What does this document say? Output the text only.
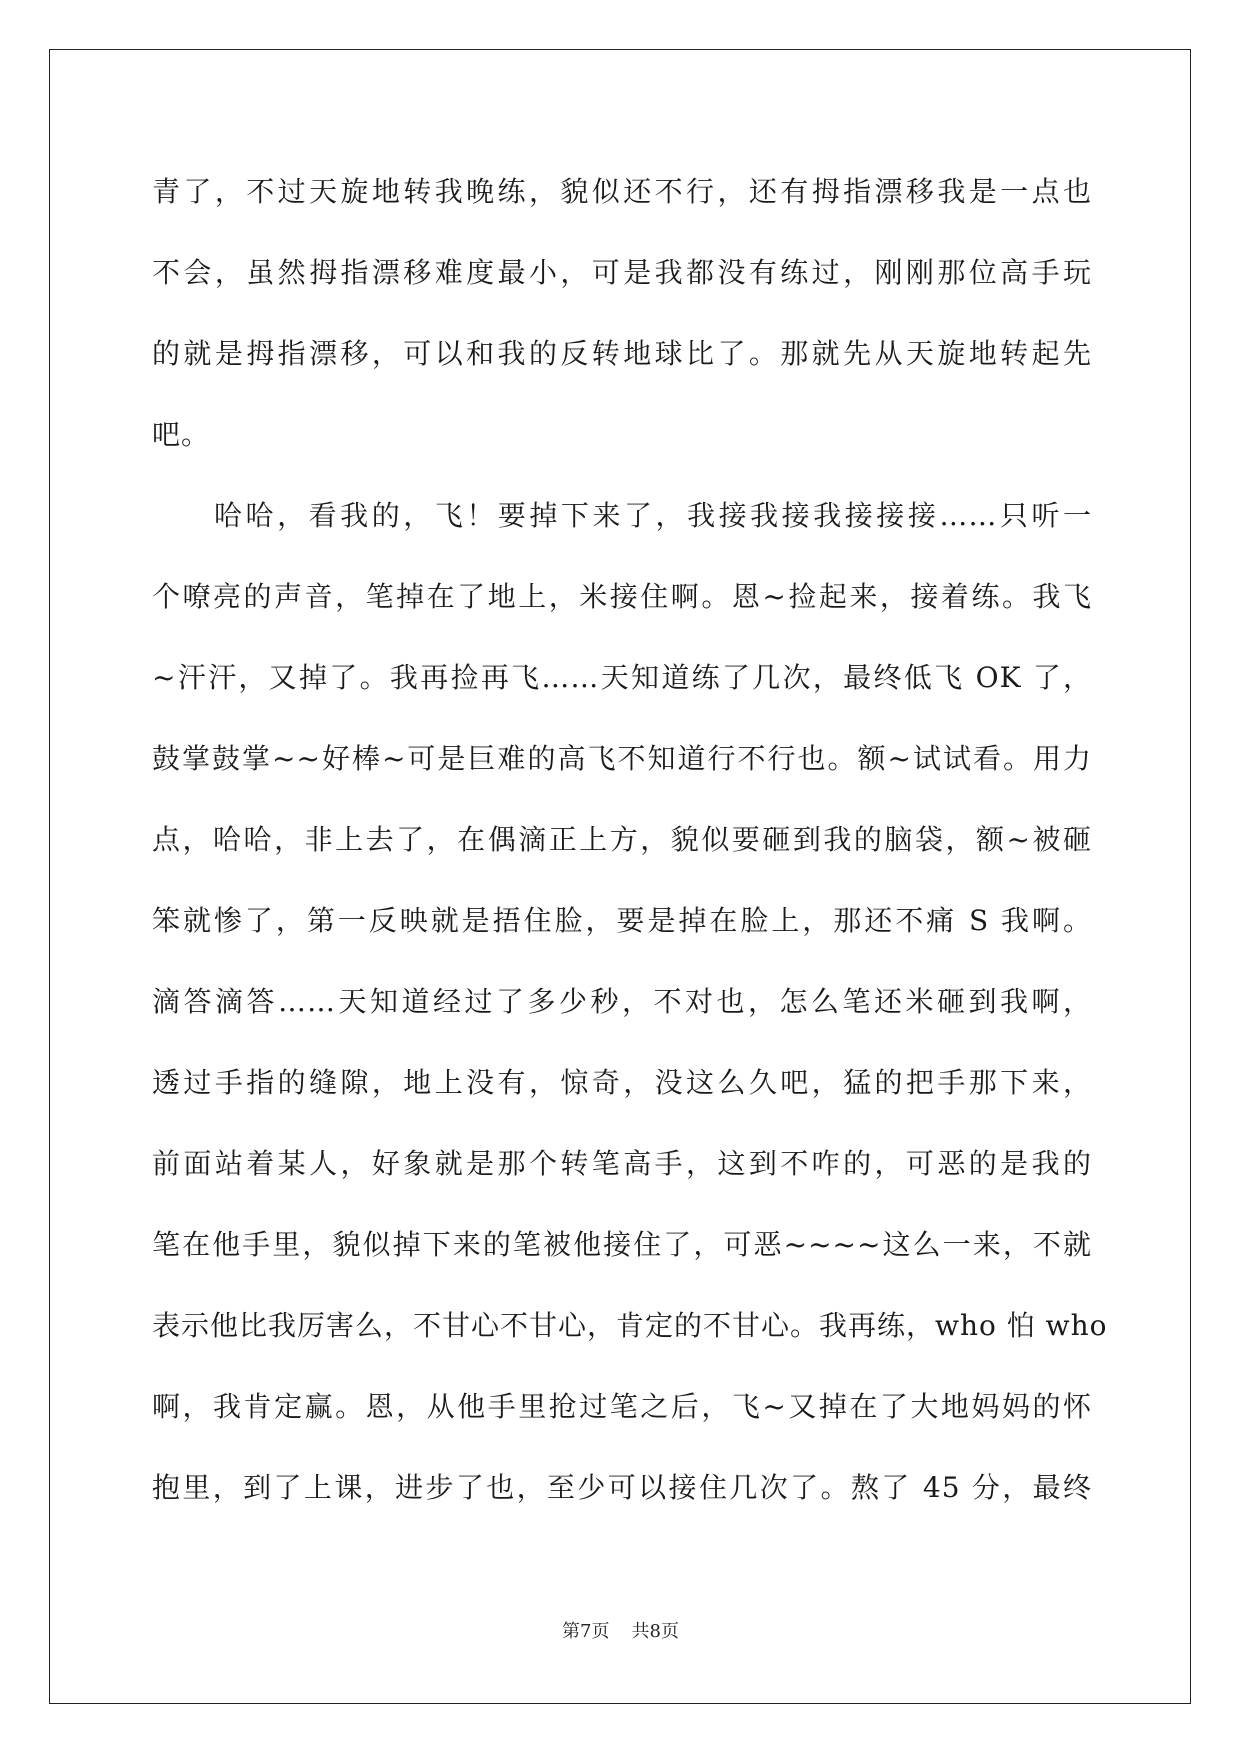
青了，不过天旋地转我晚练，貌似还不行，还有拇指漂移我是一点也
不会，虽然拇指漂移难度最小，可是我都没有练过，刚刚那位高手玩
的就是拇指漂移，可以和我的反转地球比了。那就先从天旋地转起先
吧。
哈哈，看我的，飞！要掉下来了，我接我接我接接接……只听一
个嘹亮的声音，笔掉在了地上，米接住啊。恩~捡起来，接着练。我飞
~汗汗，又掉了。我再捡再飞……天知道练了几次，最终低飞 OK 了，
鼓掌鼓掌~~好棒~可是巨难的高飞不知道行不行也。额~试试看。用力
点，哈哈，非上去了，在偶滴正上方，貌似要砸到我的脑袋，额~被砸
笨就惨了，第一反映就是捂住脸，要是掉在脸上，那还不痛 S 我啊。
滴答滴答……天知道经过了多少秒，不对也，怎么笔还米砸到我啊，
透过手指的缝隙，地上没有，惊奇，没这么久吧，猛的把手那下来，
前面站着某人，好象就是那个转笔高手，这到不咋的，可恶的是我的
笔在他手里，貌似掉下来的笔被他接住了，可恶~~~~这么一来，不就
表示他比我厉害么，不甘心不甘心，肯定的不甘心。我再练，who 怕 who
啊，我肯定赢。恩，从他手里抢过笔之后，飞~又掉在了大地妈妈的怀
抱里，到了上课，进步了也，至少可以接住几次了。熬了 45 分，最终
第7页 共8页
